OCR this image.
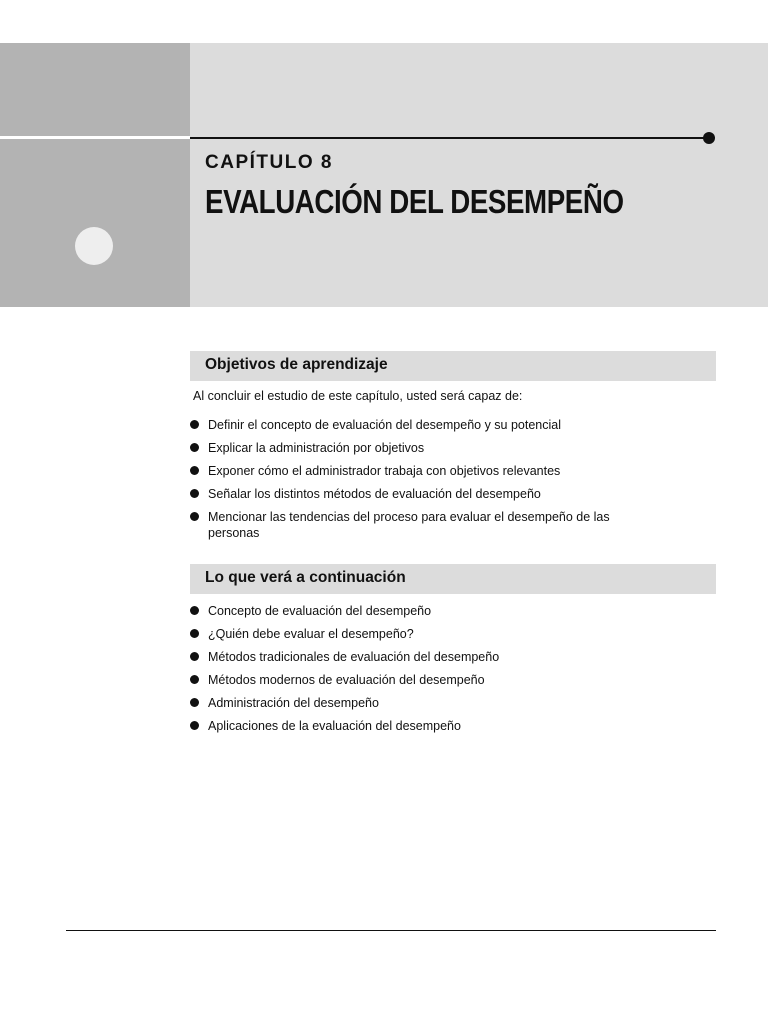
CAPÍTULO 8
EVALUACIÓN DEL DESEMPEÑO
Objetivos de aprendizaje
Al concluir el estudio de este capítulo, usted será capaz de:
Definir el concepto de evaluación del desempeño y su potencial
Explicar la administración por objetivos
Exponer cómo el administrador trabaja con objetivos relevantes
Señalar los distintos métodos de evaluación del desempeño
Mencionar las tendencias del proceso para evaluar el desempeño de las personas
Lo que verá a continuación
Concepto de evaluación del desempeño
¿Quién debe evaluar el desempeño?
Métodos tradicionales de evaluación del desempeño
Métodos modernos de evaluación del desempeño
Administración del desempeño
Aplicaciones de la evaluación del desempeño
